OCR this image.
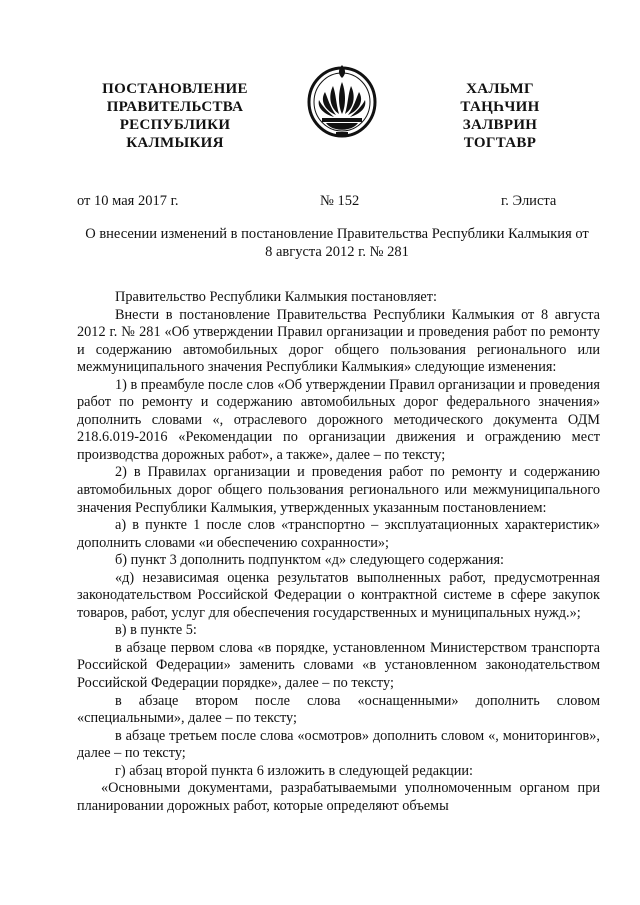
ПОСТАНОВЛЕНИЕ
ПРАВИТЕЛЬСТВА
РЕСПУБЛИКИ
КАЛМЫКИЯ
ХАЛЬМГ
ТАҢҺЧИН
ЗАЛВРИН
ТОГТАВР
от 10 мая 2017 г.	№ 152	г. Элиста
О внесении изменений в постановление Правительства Республики Калмыкия от
8 августа 2012 г. № 281

Правительство Республики Калмыкия постановляет:

Внести в постановление Правительства Республики Калмыкия от 8 августа 2012 г. № 281 «Об утверждении Правил организации и проведения работ по ремонту и содержанию автомобильных дорог общего пользования регионального или межмуниципального значения Республики Калмыкия» следующие изменения:

1) в преамбуле после слов «Об утверждении Правил организации и проведения работ по ремонту и содержанию автомобильных дорог федерального значения» дополнить словами «, отраслевого дорожного методического документа ОДМ 218.6.019-2016 «Рекомендации по организации движения и ограждению мест производства дорожных работ», а также», далее – по тексту;

2) в Правилах организации и проведения работ по ремонту и содержанию автомобильных дорог общего пользования регионального или межмуниципального значения Республики Калмыкия, утвержденных указанным постановлением:

а) в пункте 1 после слов «транспортно – эксплуатационных характеристик» дополнить словами «и обеспечению сохранности»;

б) пункт 3 дополнить подпунктом «д» следующего содержания:

«д) независимая оценка результатов выполненных работ, предусмотренная законодательством Российской Федерации о контрактной системе в сфере закупок товаров, работ, услуг для обеспечения государственных и муниципальных нужд.»;

в) в пункте 5:

в абзаце первом слова «в порядке, установленном Министерством транспорта Российской Федерации» заменить словами «в установленном законодательством Российской Федерации порядке», далее – по тексту;

в абзаце втором после слова «оснащенными» дополнить словом «специальными», далее – по тексту;

в абзаце третьем после слова «осмотров» дополнить словом «, мониторингов», далее – по тексту;

г) абзац второй пункта 6 изложить в следующей редакции:

«Основными документами, разрабатываемыми уполномоченным органом при планировании дорожных работ, которые определяют объемы
